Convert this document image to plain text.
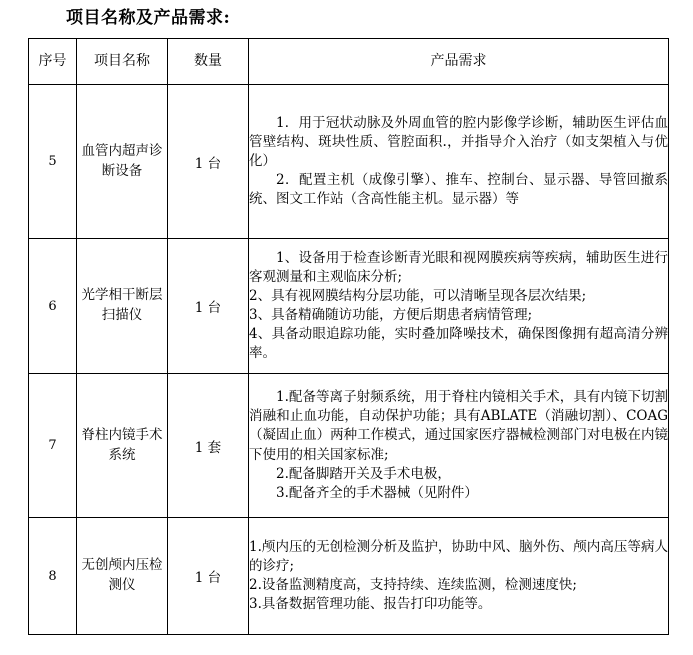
项目名称及产品需求:
序号	项目名称	数量	产品需求
5	血管内超声诊断设备	1 台	1．用于冠状动脉及外周血管的腔内影像学诊断，辅助医生评估血管壁结构、斑块性质、管腔面积.，并指导介入治疗（如支架植入与优化）
2．配置主机（成像引擎）、推车、控制台、显示器、导管回撤系统、图文工作站（含高性能主机。显示器）等

6	光学相干断层扫描仪	1 台	1、设备用于检查诊断青光眼和视网膜疾病等疾病，辅助医生进行客观测量和主观临床分析;
2、具有视网膜结构分层功能，可以清晰呈现各层次结果;
3、具备精确随访功能，方便后期患者病情管理;
4、具备动眼追踪功能，实时叠加降噪技术，确保图像拥有超高清分辨率。

7	脊柱内镜手术系统	1 套	1.配备等离子射频系统，用于脊柱内镜相关手术，具有内镜下切割消融和止血功能，自动保护功能；具有ABLATE（消融切割）、COAG（凝固止血）两种工作模式，通过国家医疗器械检测部门对电极在内镜下使用的相关国家标准;
2.配备脚踏开关及手术电极，
3.配备齐全的手术器械（见附件）

8	无创颅内压检测仪	1 台	1.颅内压的无创检测分析及监护，协助中风、脑外伤、颅内高压等病人的诊疗;
2.设备监测精度高，支持持续、连续监测，检测速度快;
3.具备数据管理功能、报告打印功能等。
